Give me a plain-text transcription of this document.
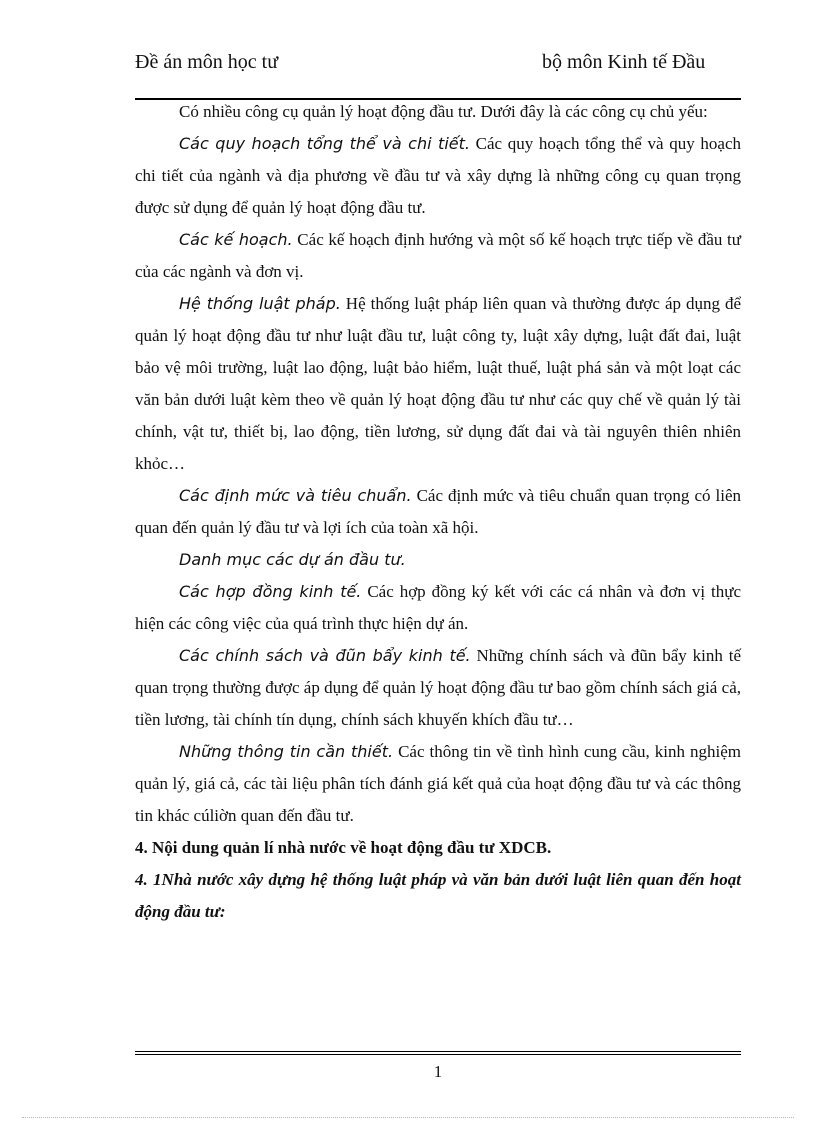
Đề án môn học tư	bộ môn Kinh tế Đầu

Có nhiều công cụ quản lý hoạt động đầu tư. Dưới đây là các công cụ chủ yếu:

Các quy hoạch tổng thể và chi tiết. Các quy hoạch tổng thể và quy hoạch chi tiết của ngành và địa phương về đầu tư và xây dựng là những công cụ quan trọng được sử dụng để quản lý hoạt động đầu tư.

Các kế hoạch. Các kế hoạch định hướng và một số kế hoạch trực tiếp về đầu tư của các ngành và đơn vị.

Hệ thống luật pháp. Hệ thống luật pháp liên quan và thường được áp dụng để quản lý hoạt động đầu tư như luật đầu tư, luật công ty, luật xây dựng, luật đất đai, luật bảo vệ môi trường, luật lao động, luật bảo hiểm, luật thuế, luật phá sản và một loạt các văn bản dưới luật kèm theo về quản lý hoạt động đầu tư như các quy chế về quản lý tài chính, vật tư, thiết bị, lao động, tiền lương, sử dụng đất đai và tài nguyên thiên nhiên khỏc…

Các định mức và tiêu chuẩn. Các định mức và tiêu chuẩn quan trọng có liên quan đến quản lý đầu tư và lợi ích của toàn xã hội.

Danh mục các dự án đầu tư.

Các hợp đồng kinh tế. Các hợp đồng ký kết với các cá nhân và đơn vị thực hiện các công việc của quá trình thực hiện dự án.

Các chính sách và đũn bẩy kinh tế. Những chính sách và đũn bẩy kinh tế quan trọng thường được áp dụng để quản lý hoạt động đầu tư bao gồm chính sách giá cả, tiền lương, tài chính tín dụng, chính sách khuyến khích đầu tư…

Những thông tin cần thiết. Các thông tin về tình hình cung cầu, kinh nghiệm quản lý, giá cả, các tài liệu phân tích đánh giá kết quả của hoạt động đầu tư và các thông tin khác cúliờn quan đến đầu tư.

4. Nội dung quản lí nhà nước về hoạt động đầu tư XDCB.

4. 1Nhà nước xây dựng hệ thống luật pháp và văn bản dưới luật liên quan đến hoạt động đầu tư:

1
